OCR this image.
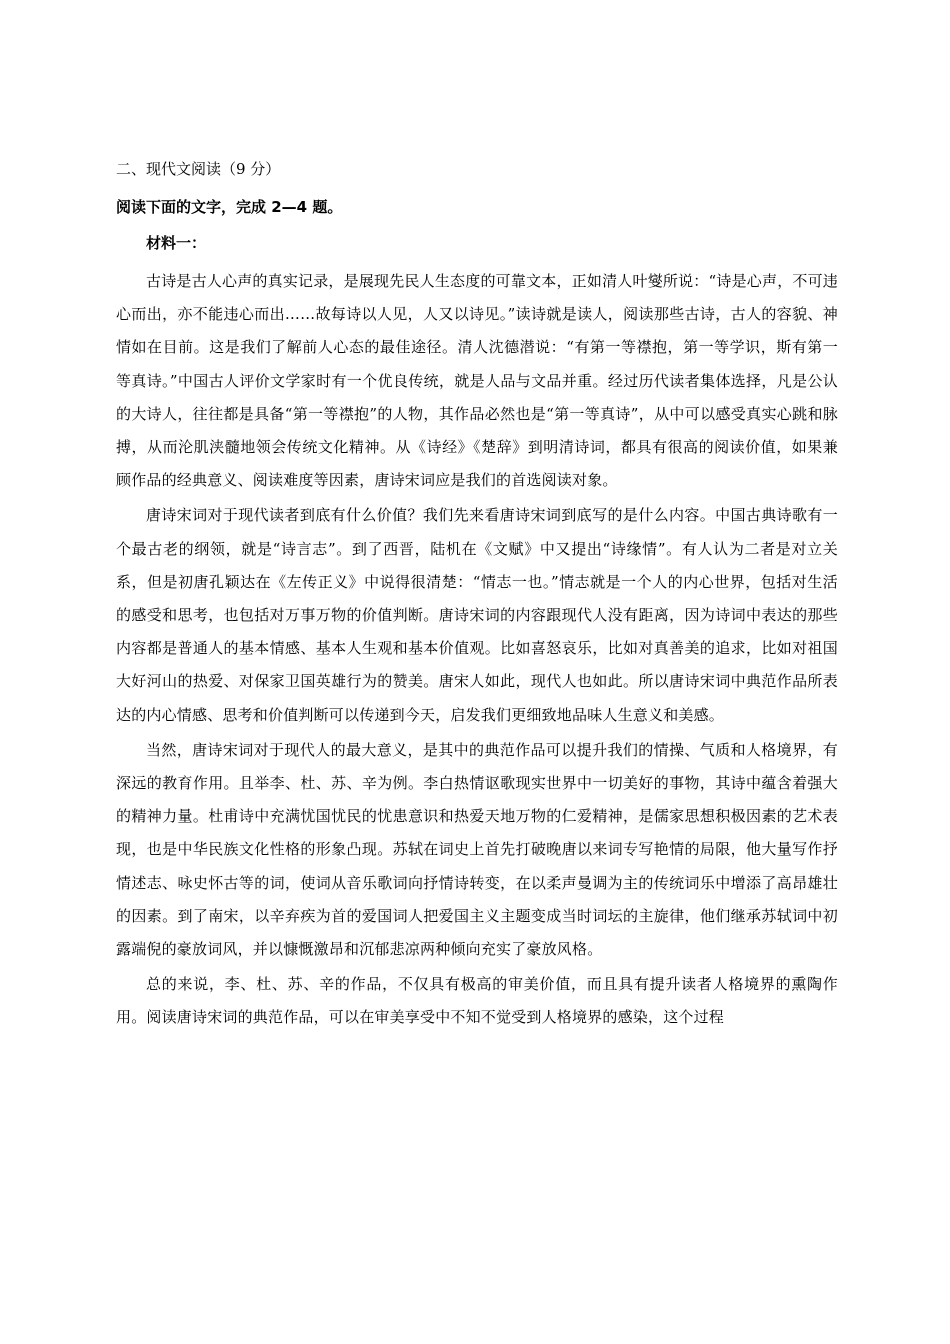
二、现代文阅读（9 分）
阅读下面的文字，完成 2—4 题。
材料一：

古诗是古人心声的真实记录，是展现先民人生态度的可靠文本，正如清人叶燮所说：“诗是心声，不可违心而出，亦不能违心而出……故每诗以人见，人又以诗见。”读诗就是读人，阅读那些古诗，古人的容貌、神情如在目前。这是我们了解前人心态的最佳途径。清人沈德潜说：“有第一等襟抱，第一等学识，斯有第一等真诗。”中国古人评价文学家时有一个优良传统，就是人品与文品并重。经过历代读者集体选择，凡是公认的大诗人，往往都是具备“第一等襟抱”的人物，其作品必然也是“第一等真诗”，从中可以感受真实心跳和脉搏，从而沦肌浃髓地领会传统文化精神。从《诗经》《楚辞》到明清诗词，都具有很高的阅读价值，如果兼顾作品的经典意义、阅读难度等因素，唐诗宋词应是我们的首选阅读对象。

唐诗宋词对于现代读者到底有什么价值？我们先来看唐诗宋词到底写的是什么内容。中国古典诗歌有一个最古老的纲领，就是“诗言志”。到了西晋，陆机在《文赋》中又提出“诗缘情”。有人认为二者是对立关系，但是初唐孔颖达在《左传正义》中说得很清楚：“情志一也。”情志就是一个人的内心世界，包括对生活的感受和思考，也包括对万事万物的价值判断。唐诗宋词的内容跟现代人没有距离，因为诗词中表达的那些内容都是普通人的基本情感、基本人生观和基本价值观。比如喜怒哀乐，比如对真善美的追求，比如对祖国大好河山的热爱、对保家卫国英雄行为的赞美。唐宋人如此，现代人也如此。所以唐诗宋词中典范作品所表达的内心情感、思考和价值判断可以传递到今天，启发我们更细致地品味人生意义和美感。

当然，唐诗宋词对于现代人的最大意义，是其中的典范作品可以提升我们的情操、气质和人格境界，有深远的教育作用。且举李、杜、苏、辛为例。李白热情讴歌现实世界中一切美好的事物，其诗中蕴含着强大的精神力量。杜甫诗中充满忧国忧民的忧患意识和热爱天地万物的仁爱精神，是儒家思想积极因素的艺术表现，也是中华民族文化性格的形象凸现。苏轼在词史上首先打破晚唐以来词专写艳情的局限，他大量写作抒情述志、咏史怀古等的词，使词从音乐歌词向抒情诗转变，在以柔声曼调为主的传统词乐中增添了高昂雄壮的因素。到了南宋，以辛弃疾为首的爱国词人把爱国主义主题变成当时词坛的主旋律，他们继承苏轼词中初露端倪的豪放词风，并以慷慨激昂和沉郁悲凉两种倾向充实了豪放风格。

总的来说，李、杜、苏、辛的作品，不仅具有极高的审美价值，而且具有提升读者人格境界的熏陶作用。阅读唐诗宋词的典范作品，可以在审美享受中不知不觉受到人格境界的感染，这个过程
